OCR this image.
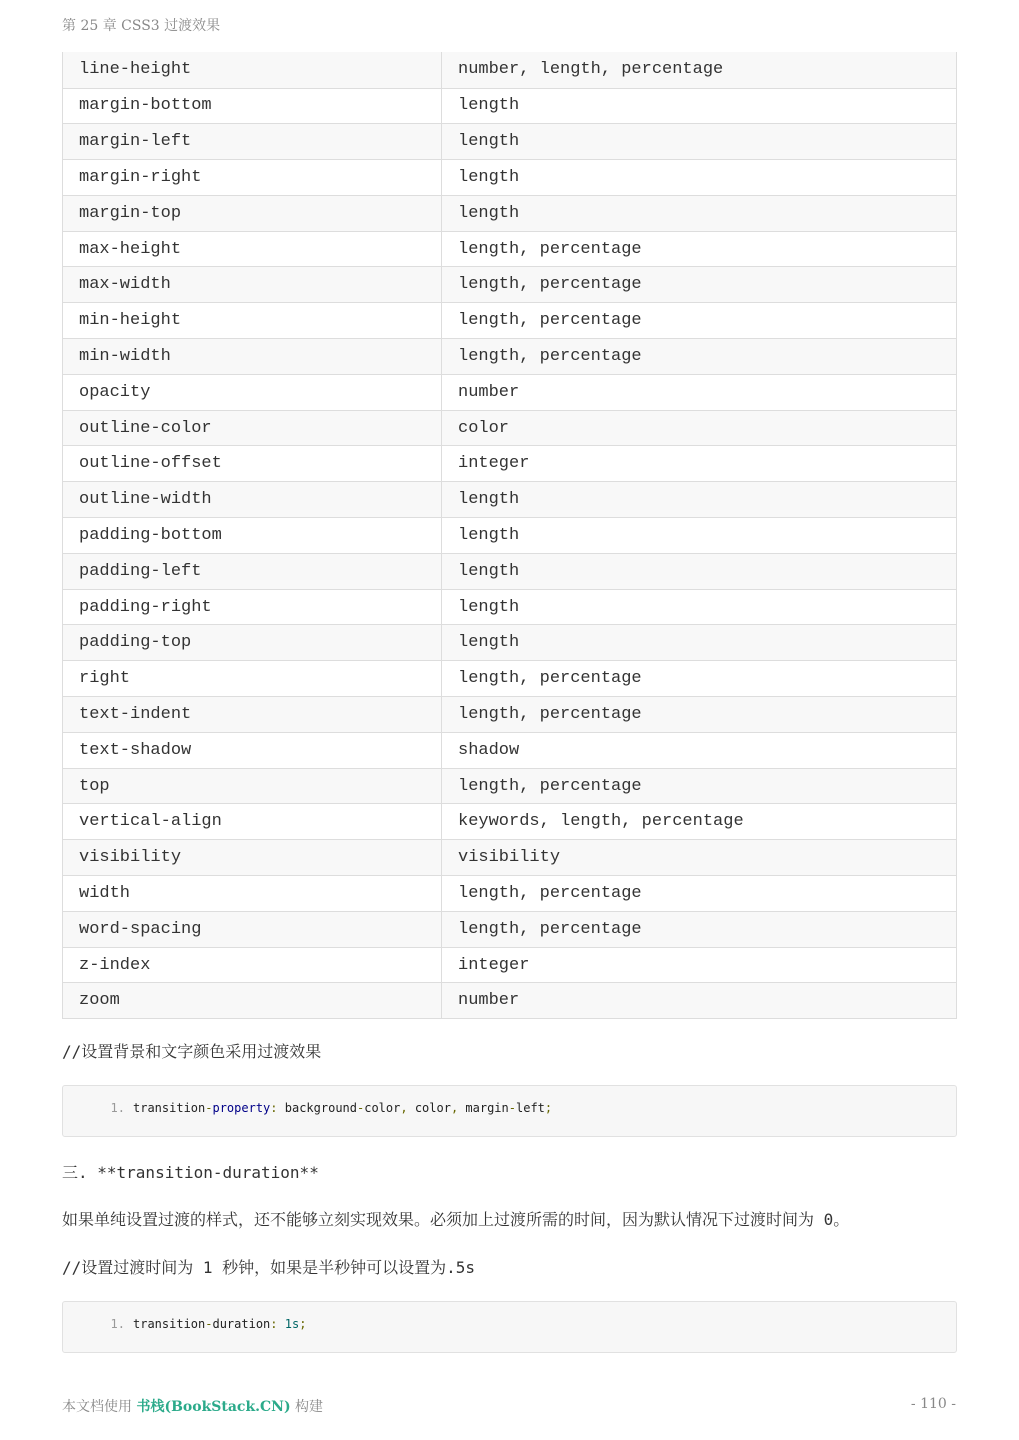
第 25 章 CSS3 过渡效果
line-height	number, length, percentage
margin-bottom	length
margin-left	length
margin-right	length
margin-top	length
max-height	length, percentage
max-width	length, percentage
min-height	length, percentage
min-width	length, percentage
opacity	number
outline-color	color
outline-offset	integer
outline-width	length
padding-bottom	length
padding-left	length
padding-right	length
padding-top	length
right	length, percentage
text-indent	length, percentage
text-shadow	shadow
top	length, percentage
vertical-align	keywords, length, percentage
visibility	visibility
width	length, percentage
word-spacing	length, percentage
z-index	integer
zoom	number
//设置背景和文字颜色采用过渡效果
1. transition-property: background-color, color, margin-left;
三. **transition-duration**
如果单纯设置过渡的样式，还不能够立刻实现效果。必须加上过渡所需的时间，因为默认情况下过渡时间为 0。
//设置过渡时间为 1 秒钟，如果是半秒钟可以设置为.5s
1. transition-duration: 1s;
本文档使用 书栈(BookStack.CN) 构建	- 110 -
